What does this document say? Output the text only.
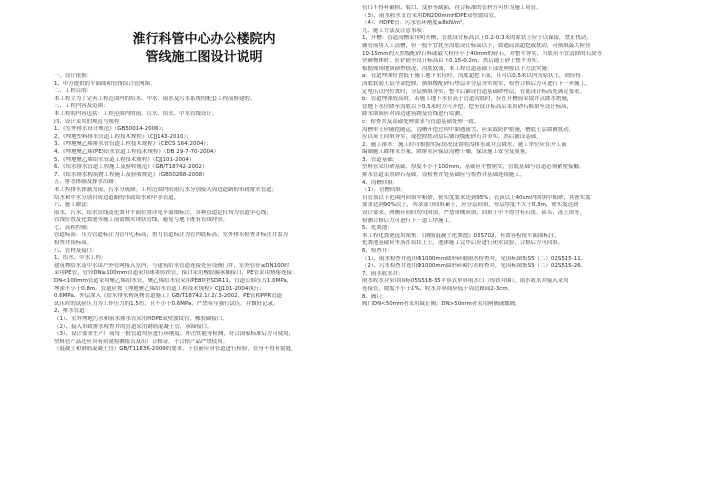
淮行科管中心办公楼院内
管线施工图设计说明
一、设计依据：
1、甲方提供的平面图和管线综合管网图。
二、工程目的：
本工程主为了完善工程范围内的给水、中水、雨水及污水系统的配套工程而修建的。
三、工程内容及范围：
本工程的内容包括：工程范围内的雨、污水、给水、中水管线设计。
四、设计采用的规范与规程
1、《室外排水设计规范》（GB50014-2006）；
2、《埋地塑料排水管道工程技术规程》（CJJ143-2010）；
3、《埋地聚乙烯排水管管道工程技术规程》（CECS 164:2004）；
4、《埋地聚乙烯(PE)给水管道工程技术规程》（DB 29-7-70-2004）
5、《埋地聚乙烯给水管道工程技术规程》（CJJ101-2004）
6、《给水排水管道工程施工及验收规范》（GB/T18742-2002）
7、《给水排水构筑物工程施工及验收规范》（GB50268-2008）
五、排水体制及排水出路：
本工程排水体制为雨、污水分流制。工程范围内的雨污水分别接入周边道路的市政排水管道；
给水和中水分别自周边道路的市政给水和中水管道。
六、施工做法：
雨水、污水、给水管线及化粪井平面位置详见平面图标注，各种管道定位均为管道中心线；
管线位置及化粪池等施工前需核实现状管线，避免与地下既有管线冲突。
七、高程控制：
管道标高：压力管道标注为管中心标高；重力管道标注为管内底标高；室外排水检查井标注井盖为
检查井顶标高。
八、管材及接口：
1、给水、中水工程：
建筑物给水及中水由户外管网接入室内，与建筑给水管道连接处应设阀门井，室外管径≤DN100时
采用PE管，管径DN≥100mm管道采用球墨铸铁管，接口采用橡胶圈承插接口，PE管采用热熔连接；
DN<100mm管道采用聚乙烯给水管，聚乙烯给水管采用PE80型SDR11，管道公称压力1.0MPa，
埋深不小于0.8m。管道应按《埋地聚乙烯给水管道工程技术规程》CJJ101-2004执行；
0.6MPa，外层深入《给水排水构筑物管道施工》GB/T18742.1/.2/.3-2002，PE管和PPR管道
试压时的试验压力为工作压力的1.5倍，且不小于0.6MPa，严禁带压强行试压，并做好记录。
2、排水管道：
（1）、室外埋地污水和雨水排水管采用HDPE双壁波纹管，橡胶圈接口。
（2）、接入市政排水检查井的管道采用钢筋混凝土管，承插接口。
（3）、设计要求生产厂商每一批管道均应进行环刚度、冲击性能等检测，符合国家标准后方可使用，
塑料管产品还应具有质量检测报告及出厂合格证，不合格产品严禁使用。
（混凝土和钢筋混凝土管）GB/T11836-2009的要求，下管前应对管道进行检验，管身不得有裂缝，
管口不得有破损、裂口、变形等缺陷，符合标准的管材方可作为施工用管。
（3）、雨水收水支管采用DN200mmHDPE双壁波纹管。
（4）、HDPE管：污水管环刚度≥8kN/m²。
九、施工方法及注意事项：
1、开槽：管道沟槽采用明开槽，管底设计标高以上0.2-0.3米的原状土应于以保留，禁止扰动，
铺管前用人工清槽，但一般不宜扰至沟底设计标高以下，如遇局部超挖或扰动，可换填最大粒径
10-15mm的天然级配砂石料或最大粒径小于40mm的碎石，并整平夯实，当底用不宜清除的石块等
坚硬物体时，应铲除至设计标高以下0.15-0.2m，然后铺上砂土整平夯实。
根据现场地质勘查情况，沟底软弱，本工程管道基础下部处理按以下方法实施：
a：管道埋深位置低于施工地下水位时，沟底超挖下部，且可以0.5米以内为原状土，则应将
沟底软弱土层全部挖除，换填级配砂石垫层并分层夯实密实，检查合格后方可进行下一步施工。
定电压以内位置时，分层换填夯实，整平后铺设管道基础砂垫层，管底设计标高处满足要求。
b：管道埋深较高时，若施工地下水位高于管道沟底时，应在开槽前采取井点降水措施，
待地下水位降至沟底以下0.5米时方可开挖，挖至设计标高后采用砂石换填至设计标高，
降水期间应对周边建筑物及管线进行监测。
c：检查井及基础处理要求与管道基础处理一致。
沟槽单土应随挖随运，沟槽开挖过程中如遇雨雪，应采取防护措施，槽底土层如被扰动，
应以灰土回填夯实，或挖除扰动层后铺设级配砂石并夯实，然后铺设基础。
2、施工排水：施工时可根据实际情况设置明沟排水或井点降水，施工单位应在开工前
编制施工降排水方案，降排水应保证沟槽干燥，保证施工安全及质量。
3、管道基础：
塑料管采用砂基础，厚度不小于100mm，基础应平整密实，管底基础与管道必须紧密接触。
排水管道采用砂石基础，设检查井处基础应与检查井基础连续施工。
4、沟槽回填：
（1）、管槽回填：
自管顶以下范围内回填中粗砂，密实度要求达到95%；管顶以上40cm内回填中粗砂，其密实度
要求达到90%以上，其余部分回填素土，应分层回填，每层厚度不大于0.3m，密实度达到
设计要求；两侧应同时均匀回填，严禁单侧回填，回填土中不得含有石块、砖头、冻土块等。
检测合格后方可进行下一道工序施工。
5、化粪池：
本工程化粪池选用图集：《钢筋混凝土化粪池》03S702，有效容积按平面图标注，
化粪池基础应坐落在原状土上，池体施工完毕后应进行闭水试验，合格后方可回填。
6、检查井：
（1）、雨水检查井选用Φ1000mm圆形砖砌雨水检查井，见国标图集S5（二）02S515-11。
（2）、污水检查井选用Φ1000mm圆形砖砌污水检查井，见国标图集S5（二）02S515-26。
7、雨水收水井：
雨水收水井采用国标05S518-35平箅式单箅雨水口（铸铁井圈），雨水收水井接入采用
连接管，坡度不小于1%，收水井箅面应低于周边路面2-3cm。
8、阀门：
阀门DN<50mm者采用截止阀；DN>50mm者采用闸阀或蝶阀。
